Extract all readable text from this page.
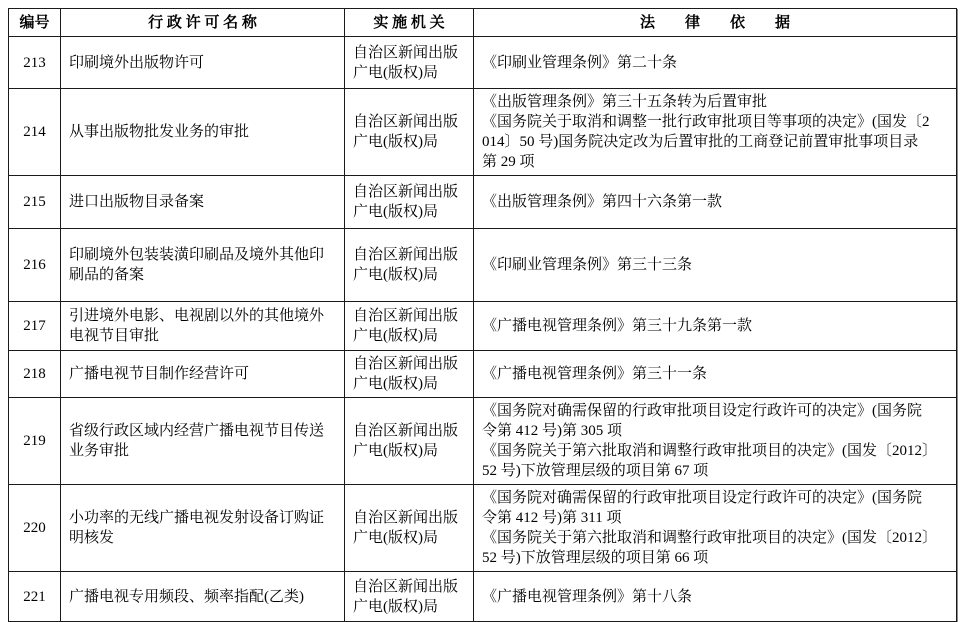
编号	行 政 许 可 名 称	实 施 机 关	法　　律　　依　　据
213	印刷境外出版物许可	自治区新闻出版广电(版权)局	《印刷业管理条例》第二十条

214	从事出版物批发业务的审批	自治区新闻出版广电(版权)局	《出版管理条例》第三十五条转为后置审批

《国务院关于取消和调整一批行政审批项目等事项的决定》(国发〔2014〕50 号)国务院决定改为后置审批的工商登记前置审批事项目录第 29 项

215	进口出版物目录备案	自治区新闻出版广电(版权)局	《出版管理条例》第四十六条第一款

216	印刷境外包装装潢印刷品及境外其他印刷品的备案	自治区新闻出版广电(版权)局	《印刷业管理条例》第三十三条

217	引进境外电影、电视剧以外的其他境外电视节目审批	自治区新闻出版广电(版权)局	《广播电视管理条例》第三十九条第一款

218	广播电视节目制作经营许可	自治区新闻出版广电(版权)局	《广播电视管理条例》第三十一条

219	省级行政区域内经营广播电视节目传送业务审批	自治区新闻出版广电(版权)局	《国务院对确需保留的行政审批项目设定行政许可的决定》(国务院令第 412 号)第 305 项

《国务院关于第六批取消和调整行政审批项目的决定》(国发〔2012〕52 号)下放管理层级的项目第 67 项

220	小功率的无线广播电视发射设备订购证明核发	自治区新闻出版广电(版权)局	《国务院对确需保留的行政审批项目设定行政许可的决定》(国务院令第 412 号)第 311 项

《国务院关于第六批取消和调整行政审批项目的决定》(国发〔2012〕52 号)下放管理层级的项目第 66 项

221	广播电视专用频段、频率指配(乙类)	自治区新闻出版广电(版权)局	《广播电视管理条例》第十八条
